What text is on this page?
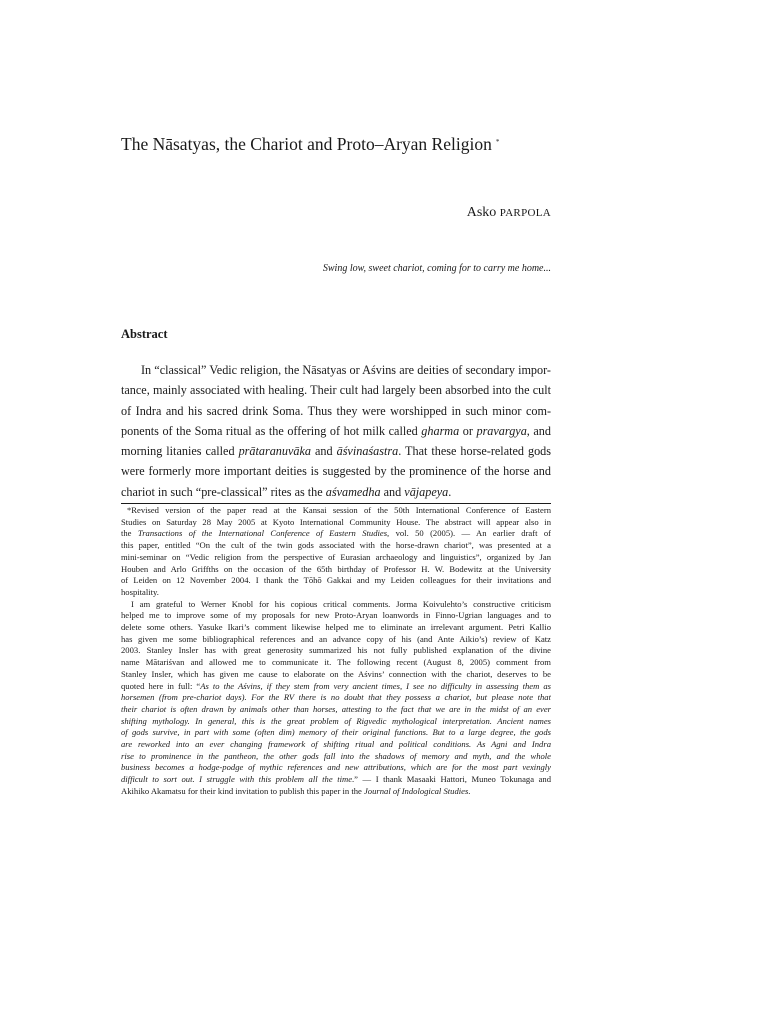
The Nāsatyas, the Chariot and Proto–Aryan Religion *
Asko PARPOLA
Swing low, sweet chariot, coming for to carry me home...
Abstract
In “classical” Vedic religion, the Nāsatyas or Aśvins are deities of secondary impor-
tance, mainly associated with healing. Their cult had largely been absorbed into the cult
of Indra and his sacred drink Soma. Thus they were worshipped in such minor com-
ponents of the Soma ritual as the offering of hot milk called gharma or pravargya, and
morning litanies called prātaranuvāka and āśvinaśastra. That these horse-related gods
were formerly more important deities is suggested by the prominence of the horse and
chariot in such “pre-classical” rites as the aśvamedha and vājapeya.
*Revised version of the paper read at the Kansai session of the 50th International Conference of Eastern
Studies on Saturday 28 May 2005 at Kyoto International Community House. The abstract will appear also in
the Transactions of the International Conference of Eastern Studies, vol. 50 (2005). — An earlier draft of
this paper, entitled “On the cult of the twin gods associated with the horse-drawn chariot”, was presented at a
mini-seminar on “Vedic religion from the perspective of Eurasian archaeology and linguistics”, organized by Jan
Houben and Arlo Griffths on the occasion of the 65th birthday of Professor H. W. Bodewitz at the University
of Leiden on 12 November 2004. I thank the Tōhō Gakkai and my Leiden colleagues for their invitations and
hospitality.
I am grateful to Werner Knobl for his copious critical comments. Jorma Koivulehto’s constructive criticism
helped me to improve some of my proposals for new Proto-Aryan loanwords in Finno-Ugrian languages and to
delete some others. Yasuke Ikari’s comment likewise helped me to eliminate an irrelevant argument. Petri Kallio
has given me some bibliographical references and an advance copy of his (and Ante Aikio’s) review of Katz
2003. Stanley Insler has with great generosity summarized his not fully published explanation of the divine
name Mātariśvan and allowed me to communicate it. The following recent (August 8, 2005) comment from
Stanley Insler, which has given me cause to elaborate on the Aśvins’ connection with the chariot, deserves to be
quoted here in full: “As to the Aśvins, if they stem from very ancient times, I see no difficulty in assessing them as
horsemen (from pre-chariot days). For the RV there is no doubt that they possess a chariot, but please note that
their chariot is often drawn by animals other than horses, attesting to the fact that we are in the midst of an ever
shifting mythology. In general, this is the great problem of Rigvedic mythological interpretation. Ancient names
of gods survive, in part with some (often dim) memory of their original functions. But to a large degree, the gods
are reworked into an ever changing framework of shifting ritual and political conditions. As Agni and Indra
rise to prominence in the pantheon, the other gods fall into the shadows of memory and myth, and the whole
business becomes a hodge-podge of mythic references and new attributions, which are for the most part vexingly
difficult to sort out. I struggle with this problem all the time.” — I thank Masaaki Hattori, Muneo Tokunaga and
Akihiko Akamatsu for their kind invitation to publish this paper in the Journal of Indological Studies.
